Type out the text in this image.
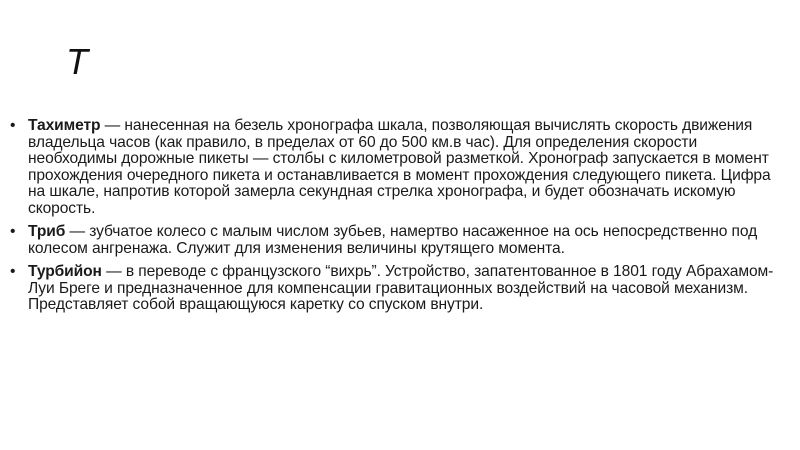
Т
• Тахиметр — нанесенная на безель хронографа шкала, позволяющая вычислять скорость движения владельца часов (как правило, в пределах от 60 до 500 км.в час). Для определения скорости необходимы дорожные пикеты — столбы с километровой разметкой. Хронограф запускается в момент прохождения очередного пикета и останавливается в момент прохождения следующего пикета. Цифра на шкале, напротив которой замерла секундная стрелка хронографа, и будет обозначать искомую скорость.
• Триб — зубчатое колесо с малым числом зубьев, намертво насаженное на ось непосредственно под колесом ангренажа. Служит для изменения величины крутящего момента.
• Турбийон — в переводе с французского “вихрь”. Устройство, запатентованное в 1801 году Абрахамом-Луи Бреге и предназначенное для компенсации гравитационных воздействий на часовой механизм. Представляет собой вращающуюся каретку со спуском внутри.
